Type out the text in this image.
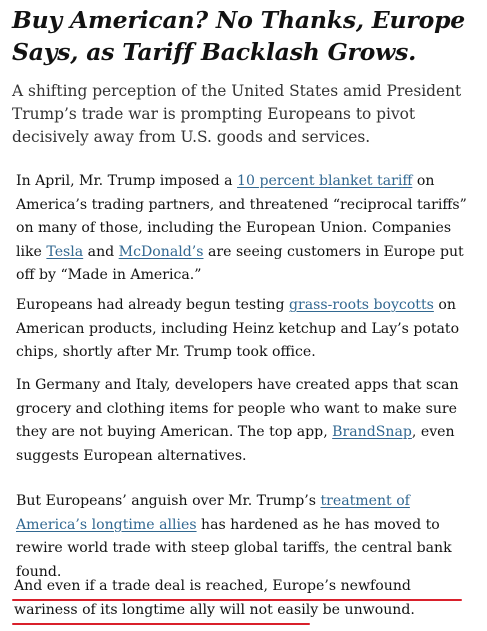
Buy American? No Thanks, Europe Says, as Tariff Backlash Grows.

A shifting perception of the United States amid President Trump’s trade war is prompting Europeans to pivot decisively away from U.S. goods and services.

In April, Mr. Trump imposed a 10 percent blanket tariff on America’s trading partners, and threatened “reciprocal tariffs” on many of those, including the European Union. Companies like Tesla and McDonald’s are seeing customers in Europe put off by “Made in America.”

Europeans had already begun testing grass-roots boycotts on American products, including Heinz ketchup and Lay’s potato chips, shortly after Mr. Trump took office.

In Germany and Italy, developers have created apps that scan grocery and clothing items for people who want to make sure they are not buying American. The top app, BrandSnap, even suggests European alternatives.

But Europeans’ anguish over Mr. Trump’s treatment of America’s longtime allies has hardened as he has moved to rewire world trade with steep global tariffs, the central bank found.

And even if a trade deal is reached, Europe’s newfound wariness of its longtime ally will not easily be unwound.
